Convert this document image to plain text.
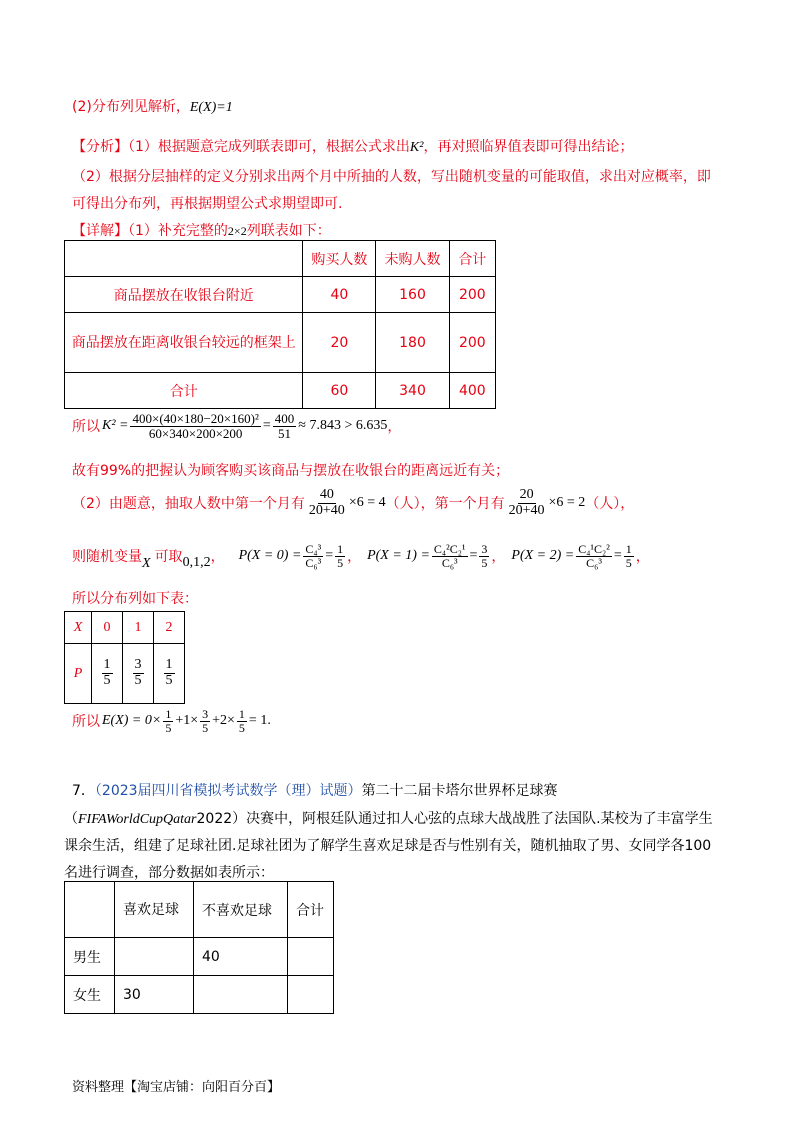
(2)分布列见解析，E(X)=1
【分析】（1）根据题意完成列联表即可，根据公式求出K²，再对照临界值表即可得出结论；
（2）根据分层抽样的定义分别求出两个月中所抽的人数，写出随机变量的可能取值，求出对应概率，即
可得出分布列，再根据期望公式求期望即可.
【详解】（1）补充完整的2×2列联表如下：
	购买人数	未购人数	合计
商品摆放在收银台附近	40	160	200
商品摆放在距离收银台较远的框架上	20	180	200
合计	60	340	400
所以 $K^2 = \frac{\text{400×(40×180−20×160)²}}{60\times 340\times 200\times 200} = \frac{400}{51} \approx 7.843 > 6.635$ ，
故有99%的把握认为顾客购买该商品与摆放在收银台的距离远近有关；
（2）由题意，抽取人数中第一个月有 $\frac{40}{20+40} \times 6 = 4$ （人），第一个月有 $\frac{20}{20+40} \times 6 = 2$ （人），
则随机变量 X 可取 0,1,2 ， $P(X = 0) = \frac{\text{C₄³}}{\text{C₆³}} = \frac{1}{5}$ ， $P(X = 1) = \frac{\text{C₄²C₂¹}}{\text{C₆³}} = \frac{3}{5}$ ， $P(X = 2) = \frac{\text{C₄¹C₂²}}{\text{C₆³}} = \frac{1}{5}$ ，
所以分布列如下表：
X	0	1	2
P	$\frac{1}{5}$	$\frac{3}{5}$	$\frac{1}{5}$
所以 $E(X) = 0\times \frac{1}{5} +1\times \frac{3}{5} +2\times \frac{1}{5} = 1$.
7．（2023届四川省模拟考试数学（理）试题）第二十二届卡塔尔世界杯足球赛
（FIFAWorldCupQatar2022）决赛中，阿根廷队通过扣人心弦的点球大战战胜了法国队.某校为了丰富学生
课余生活，组建了足球社团.足球社团为了解学生喜欢足球是否与性别有关，随机抽取了男、女同学各100
名进行调查，部分数据如表所示：
	喜欢足球	不喜欢足球	合计
男生		40	
女生	30		
资料整理【淘宝店铺：向阳百分百】
